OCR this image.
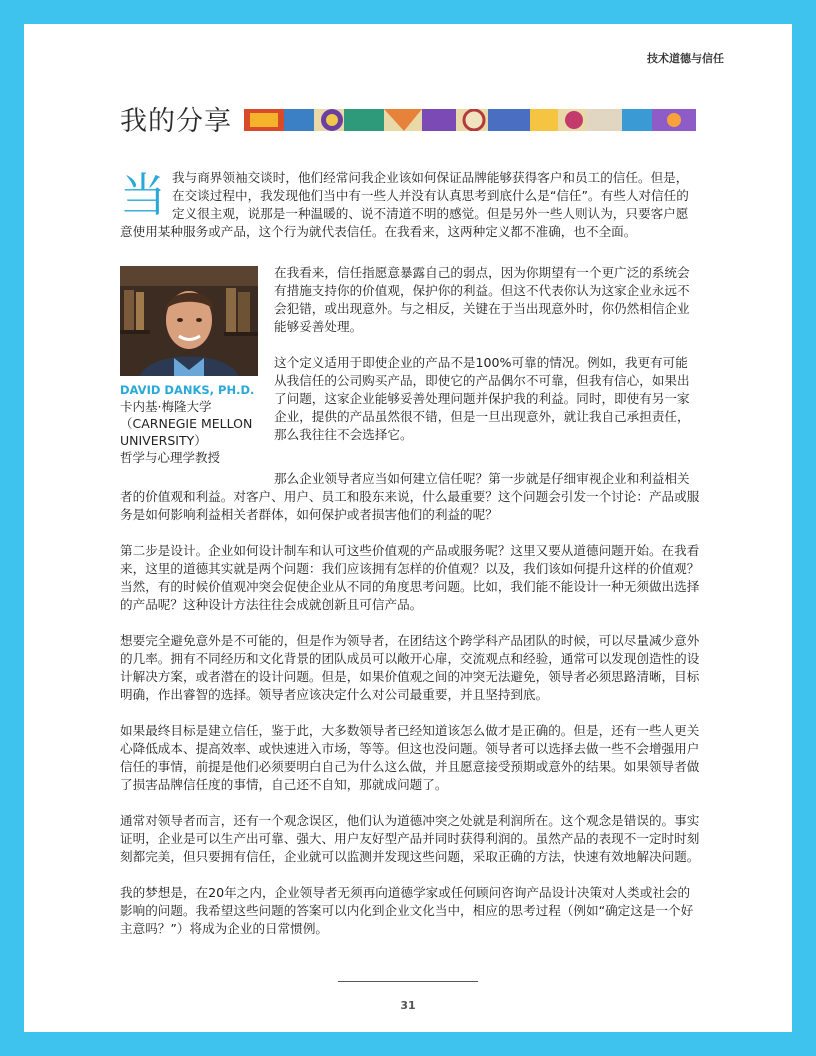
技术道德与信任
我的分享
当 我与商界领袖交谈时，他们经常问我企业该如何保证品牌能够获得客户和员工的信任。但是，在交谈过程中，我发现他们当中有一些人并没有认真思考到底什么是“信任”。有些人对信任的定义很主观，说那是一种温暖的、说不清道不明的感觉。但是另外一些人则认为，只要客户愿意使用某种服务或产品，这个行为就代表信任。在我看来，这两种定义都不准确，也不全面。

DAVID DANKS, PH.D.
卡内基·梅隆大学
（CARNEGIE MELLON UNIVERSITY）
哲学与心理学教授

在我看来，信任指愿意暴露自己的弱点，因为你期望有一个更广泛的系统会有措施支持你的价值观，保护你的利益。但这不代表你认为这家企业永远不会犯错，或出现意外。与之相反，关键在于当出现意外时，你仍然相信企业能够妥善处理。

这个定义适用于即使企业的产品不是100%可靠的情况。例如，我更有可能从我信任的公司购买产品，即使它的产品偶尔不可靠，但我有信心，如果出了问题，这家企业能够妥善处理问题并保护我的利益。同时，即使有另一家企业，提供的产品虽然很不错，但是一旦出现意外，就让我自己承担责任，那么我往往不会选择它。

那么企业领导者应当如何建立信任呢？第一步就是仔细审视企业和利益相关者的价值观和利益。对客户、用户、员工和股东来说，什么最重要？这个问题会引发一个讨论：产品或服务是如何影响利益相关者群体，如何保护或者损害他们的利益的呢？

第二步是设计。企业如何设计制车和认可这些价值观的产品或服务呢？这里又要从道德问题开始。在我看来，这里的道德其实就是两个问题：我们应该拥有怎样的价值观？以及，我们该如何提升这样的价值观？当然，有的时候价值观冲突会促使企业从不同的角度思考问题。比如，我们能不能设计一种无须做出选择的产品呢？这种设计方法往往会成就创新且可信产品。

想要完全避免意外是不可能的，但是作为领导者，在团结这个跨学科产品团队的时候，可以尽量减少意外的几率。拥有不同经历和文化背景的团队成员可以敞开心扉，交流观点和经验，通常可以发现创造性的设计解决方案，或者潜在的设计问题。但是，如果价值观之间的冲突无法避免，领导者必须思路清晰，目标明确，作出睿智的选择。领导者应该决定什么对公司最重要，并且坚持到底。

如果最终目标是建立信任，鉴于此，大多数领导者已经知道该怎么做才是正确的。但是，还有一些人更关心降低成本、提高效率、或快速进入市场，等等。但这也没问题。领导者可以选择去做一些不会增强用户信任的事情，前提是他们必须要明白自己为什么这么做，并且愿意接受预期或意外的结果。如果领导者做了损害品牌信任度的事情，自己还不自知，那就成问题了。

通常对领导者而言，还有一个观念误区，他们认为道德冲突之处就是利润所在。这个观念是错误的。事实证明，企业是可以生产出可靠、强大、用户友好型产品并同时获得利润的。虽然产品的表现不一定时时刻刻都完美，但只要拥有信任，企业就可以监测并发现这些问题，采取正确的方法，快速有效地解决问题。

我的梦想是，在20年之内，企业领导者无须再向道德学家或任何顾问咨询产品设计决策对人类或社会的影响的问题。我希望这些问题的答案可以内化到企业文化当中，相应的思考过程（例如“确定这是一个好主意吗？”）将成为企业的日常惯例。

31
